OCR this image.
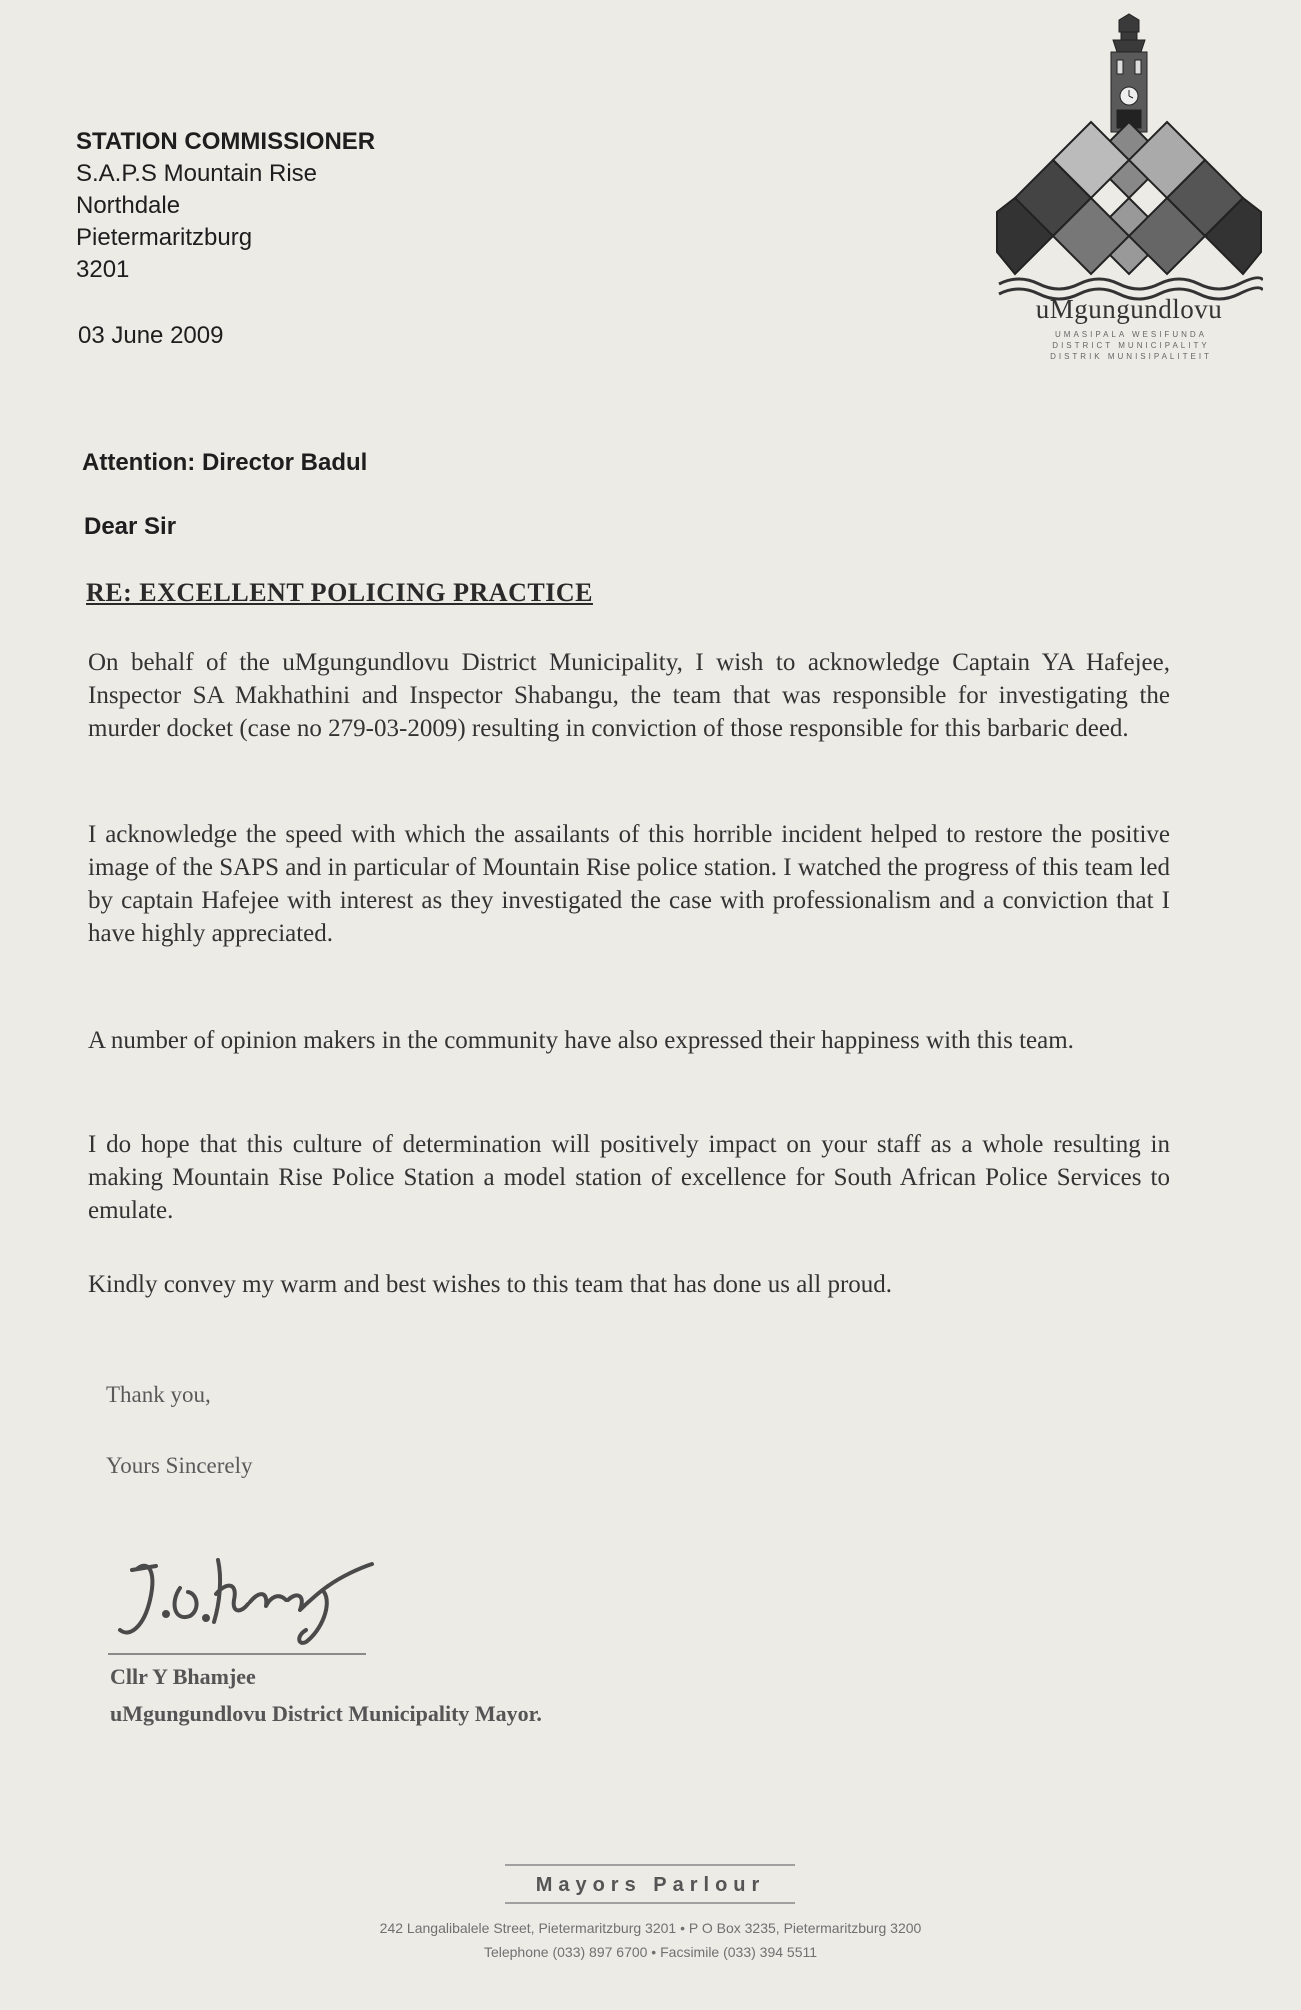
uMgungundlovu
UMASIPALA WESIFUNDA
DISTRICT MUNICIPALITY
DISTRIK MUNISIPALITEIT
STATION COMMISSIONER
S.A.P.S Mountain Rise
Northdale
Pietermaritzburg
3201
03 June 2009
Attention: Director Badul
Dear Sir
RE: EXCELLENT POLICING PRACTICE
On behalf of the uMgungundlovu District Municipality, I wish to acknowledge Captain YA Hafejee, Inspector SA Makhathini and Inspector Shabangu, the team that was responsible for investigating the murder docket (case no 279-03-2009) resulting in conviction of those responsible for this barbaric deed.
I acknowledge the speed with which the assailants of this horrible incident helped to restore the positive image of the SAPS and in particular of Mountain Rise police station. I watched the progress of this team led by captain Hafejee with interest as they investigated the case with professionalism and a conviction that I have highly appreciated.
A number of opinion makers in the community have also expressed their happiness with this team.
I do hope that this culture of determination will positively impact on your staff as a whole resulting in making Mountain Rise Police Station a model station of excellence for South African Police Services to emulate.
Kindly convey my warm and best wishes to this team that has done us all proud.
Thank you,
Yours Sincerely
Cllr Y Bhamjee
uMgungundlovu District Municipality Mayor.
Mayors Parlour
242 Langalibalele Street, Pietermaritzburg 3201 • P O Box 3235, Pietermaritzburg 3200
Telephone (033) 897 6700 • Facsimile (033) 394 5511
